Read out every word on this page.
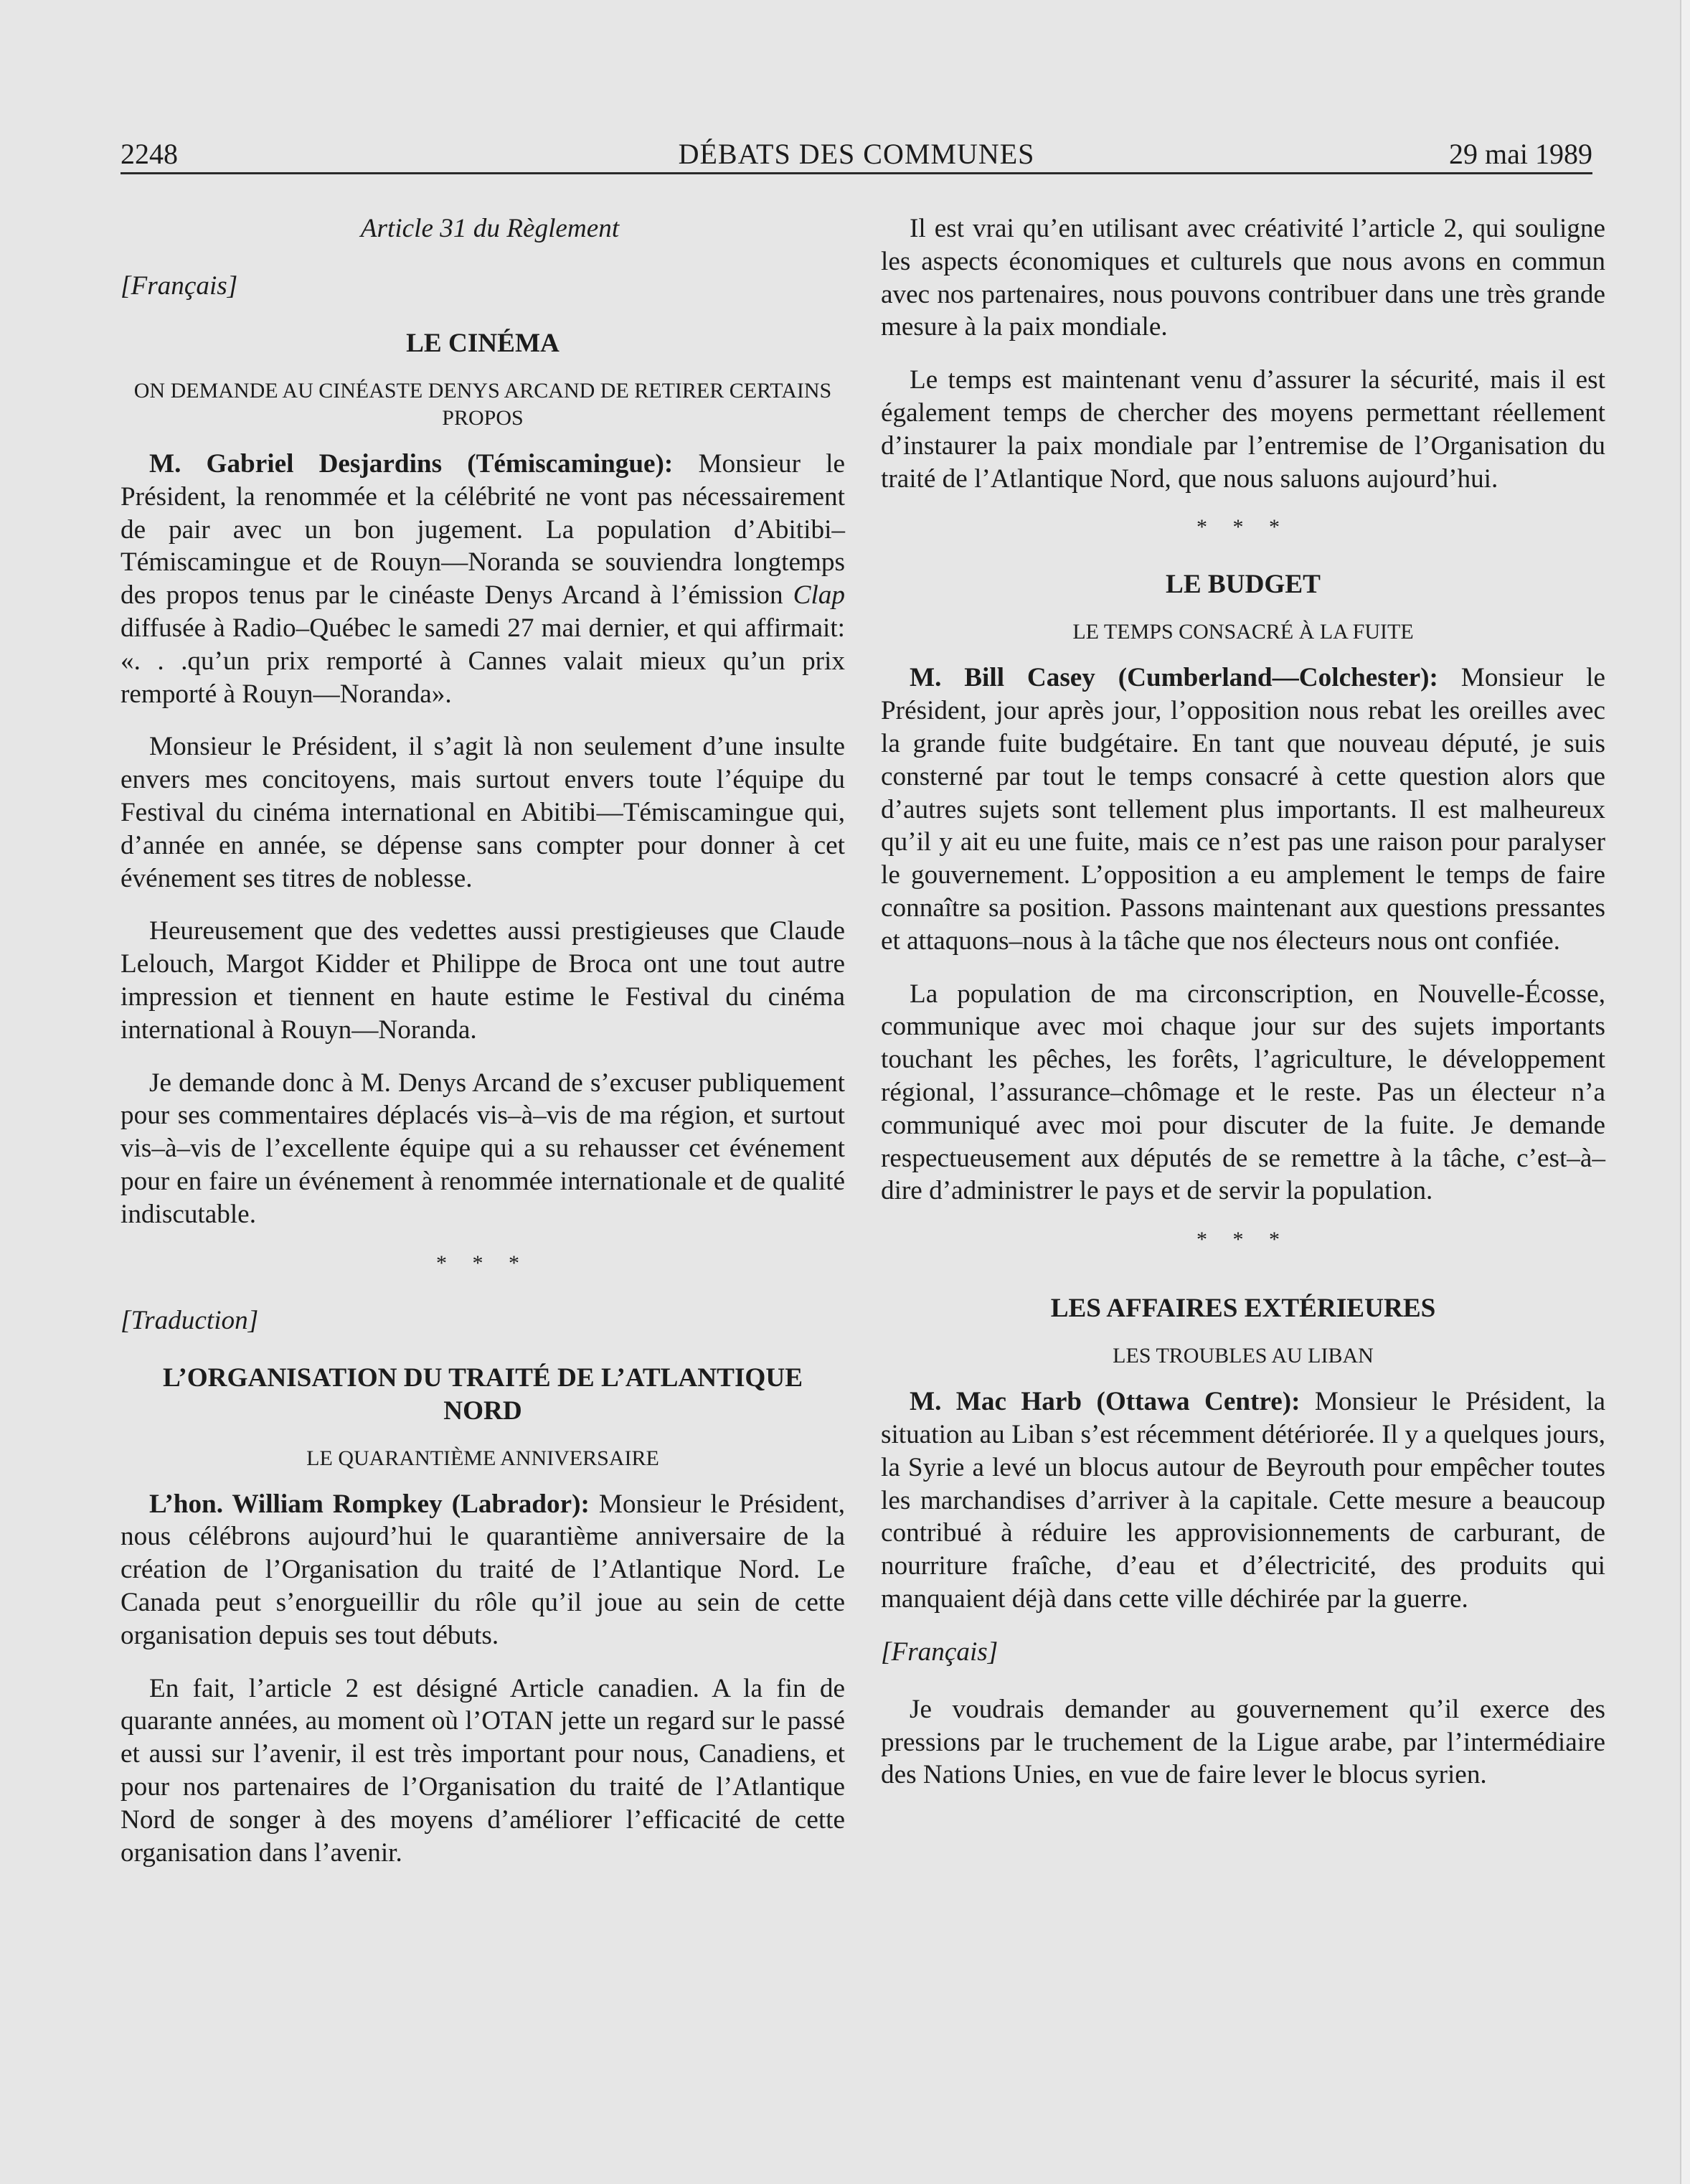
2248	DÉBATS DES COMMUNES	29 mai 1989
Article 31 du Règlement
[Français]
LE CINÉMA
ON DEMANDE AU CINÉASTE DENYS ARCAND DE RETIRER CERTAINS PROPOS

M. Gabriel Desjardins (Témiscamingue): Monsieur le Président, la renommée et la célébrité ne vont pas nécessairement de pair avec un bon jugement. La population d’Abitibi–Témiscamingue et de Rouyn—Noranda se souviendra longtemps des propos tenus par le cinéaste Denys Arcand à l’émission Clap diffusée à Radio–Québec le samedi 27 mai dernier, et qui affirmait: «. . .qu’un prix remporté à Cannes valait mieux qu’un prix remporté à Rouyn—Noranda».

Monsieur le Président, il s’agit là non seulement d’une insulte envers mes concitoyens, mais surtout envers toute l’équipe du Festival du cinéma international en Abitibi—Témiscamingue qui, d’année en année, se dépense sans compter pour donner à cet événement ses titres de noblesse.

Heureusement que des vedettes aussi prestigieuses que Claude Lelouch, Margot Kidder et Philippe de Broca ont une tout autre impression et tiennent en haute estime le Festival du cinéma international à Rouyn—Noranda.

Je demande donc à M. Denys Arcand de s’excuser publiquement pour ses commentaires déplacés vis–à–vis de ma région, et surtout vis–à–vis de l’excellente équipe qui a su rehausser cet événement pour en faire un événement à renommée internationale et de qualité indiscutable.

* * *
[Traduction]
L’ORGANISATION DU TRAITÉ DE L’ATLANTIQUE NORD
LE QUARANTIÈME ANNIVERSAIRE

L’hon. William Rompkey (Labrador): Monsieur le Président, nous célébrons aujourd’hui le quarantième anniversaire de la création de l’Organisation du traité de l’Atlantique Nord. Le Canada peut s’enorgueillir du rôle qu’il joue au sein de cette organisation depuis ses tout débuts.

En fait, l’article 2 est désigné Article canadien. A la fin de quarante années, au moment où l’OTAN jette un regard sur le passé et aussi sur l’avenir, il est très important pour nous, Canadiens, et pour nos partenaires de l’Organisation du traité de l’Atlantique Nord de songer à des moyens d’améliorer l’efficacité de cette organisation dans l’avenir.

Il est vrai qu’en utilisant avec créativité l’article 2, qui souligne les aspects économiques et culturels que nous avons en commun avec nos partenaires, nous pouvons contribuer dans une très grande mesure à la paix mondiale.

Le temps est maintenant venu d’assurer la sécurité, mais il est également temps de chercher des moyens permettant réellement d’instaurer la paix mondiale par l’entremise de l’Organisation du traité de l’Atlantique Nord, que nous saluons aujourd’hui.

* * *
LE BUDGET
LE TEMPS CONSACRÉ À LA FUITE

M. Bill Casey (Cumberland—Colchester): Monsieur le Président, jour après jour, l’opposition nous rebat les oreilles avec la grande fuite budgétaire. En tant que nouveau député, je suis consterné par tout le temps consacré à cette question alors que d’autres sujets sont tellement plus importants. Il est malheureux qu’il y ait eu une fuite, mais ce n’est pas une raison pour paralyser le gouvernement. L’opposition a eu amplement le temps de faire connaître sa position. Passons maintenant aux questions pressantes et attaquons–nous à la tâche que nos électeurs nous ont confiée.

La population de ma circonscription, en Nouvelle-Écosse, communique avec moi chaque jour sur des sujets importants touchant les pêches, les forêts, l’agriculture, le développement régional, l’assurance–chômage et le reste. Pas un électeur n’a communiqué avec moi pour discuter de la fuite. Je demande respectueusement aux députés de se remettre à la tâche, c’est–à–dire d’administrer le pays et de servir la population.

* * *
LES AFFAIRES EXTÉRIEURES
LES TROUBLES AU LIBAN

M. Mac Harb (Ottawa Centre): Monsieur le Président, la situation au Liban s’est récemment détériorée. Il y a quelques jours, la Syrie a levé un blocus autour de Beyrouth pour empêcher toutes les marchandises d’arriver à la capitale. Cette mesure a beaucoup contribué à réduire les approvisionnements de carburant, de nourriture fraîche, d’eau et d’électricité, des produits qui manquaient déjà dans cette ville déchirée par la guerre.

[Français]

Je voudrais demander au gouvernement qu’il exerce des pressions par le truchement de la Ligue arabe, par l’intermédiaire des Nations Unies, en vue de faire lever le blocus syrien.
